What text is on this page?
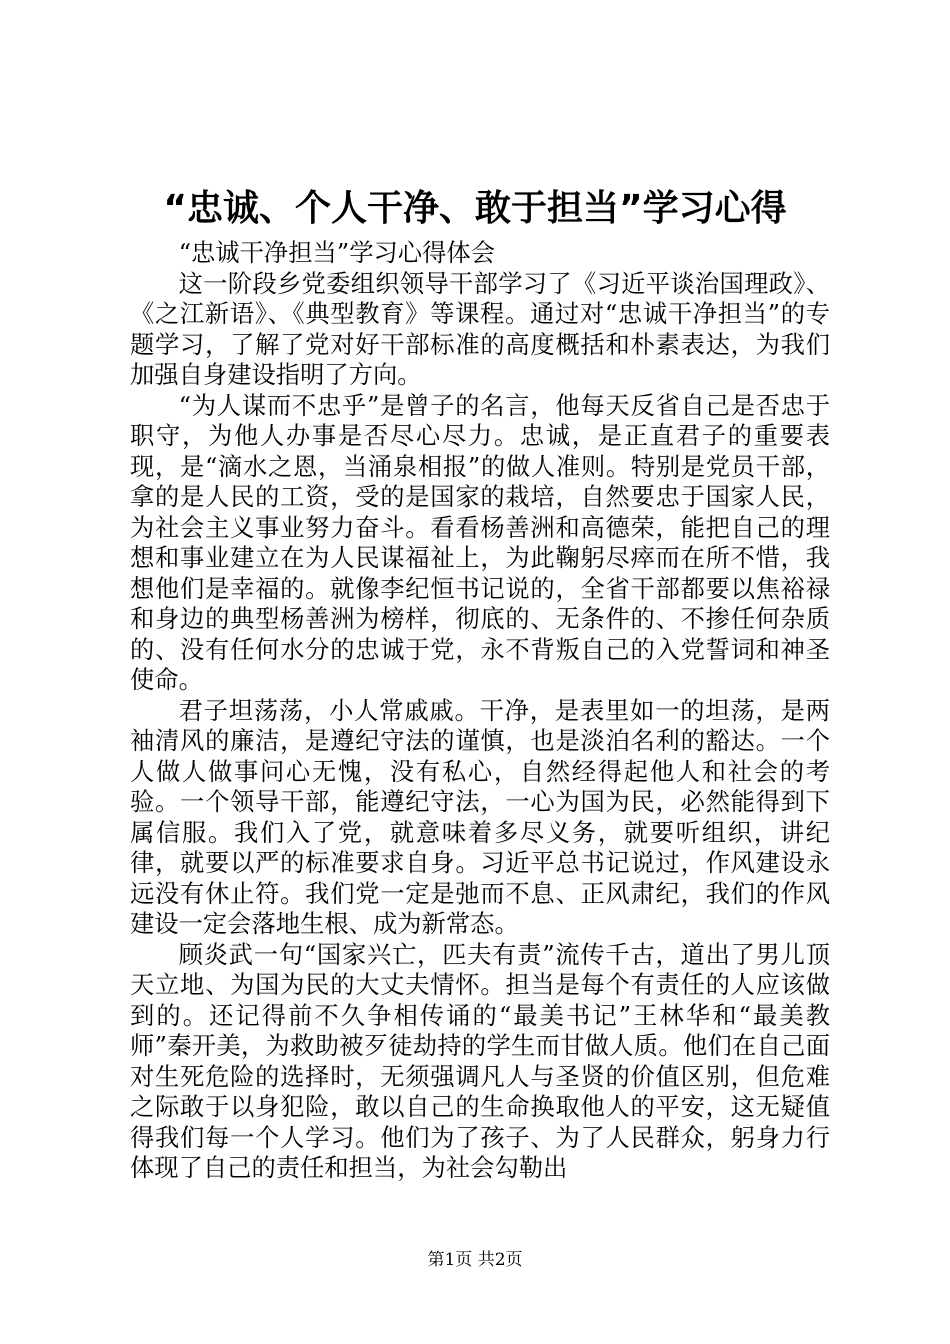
“忠诚、个人干净、敢于担当”学习心得

“忠诚干净担当”学习心得体会

这一阶段乡党委组织领导干部学习了《习近平谈治国理政》、《之江新语》、《典型教育》等课程。通过对“忠诚干净担当”的专题学习，了解了党对好干部标准的高度概括和朴素表达，为我们加强自身建设指明了方向。

“为人谋而不忠乎”是曾子的名言，他每天反省自己是否忠于职守，为他人办事是否尽心尽力。忠诚，是正直君子的重要表现，是“滴水之恩，当涌泉相报”的做人准则。特别是党员干部，拿的是人民的工资，受的是国家的栽培，自然要忠于国家人民，为社会主义事业努力奋斗。看看杨善洲和高德荣，能把自己的理想和事业建立在为人民谋福祉上，为此鞠躬尽瘁而在所不惜，我想他们是幸福的。就像李纪恒书记说的，全省干部都要以焦裕禄和身边的典型杨善洲为榜样，彻底的、无条件的、不掺任何杂质的、没有任何水分的忠诚于党，永不背叛自己的入党誓词和神圣使命。

君子坦荡荡，小人常戚戚。干净，是表里如一的坦荡，是两袖清风的廉洁，是遵纪守法的谨慎，也是淡泊名利的豁达。一个人做人做事问心无愧，没有私心，自然经得起他人和社会的考验。一个领导干部，能遵纪守法，一心为国为民，必然能得到下属信服。我们入了党，就意味着多尽义务，就要听组织，讲纪律，就要以严的标准要求自身。习近平总书记说过，作风建设永远没有休止符。我们党一定是弛而不息、正风肃纪，我们的作风建设一定会落地生根、成为新常态。

顾炎武一句“国家兴亡，匹夫有责”流传千古，道出了男儿顶天立地、为国为民的大丈夫情怀。担当是每个有责任的人应该做到的。还记得前不久争相传诵的“最美书记”王林华和“最美教师”秦开美，为救助被歹徒劫持的学生而甘做人质。他们在自己面对生死危险的选择时，无须强调凡人与圣贤的价值区别，但危难之际敢于以身犯险，敢以自己的生命换取他人的平安，这无疑值得我们每一个人学习。他们为了孩子、为了人民群众，躬身力行体现了自己的责任和担当，为社会勾勒出

第1页 共2页
